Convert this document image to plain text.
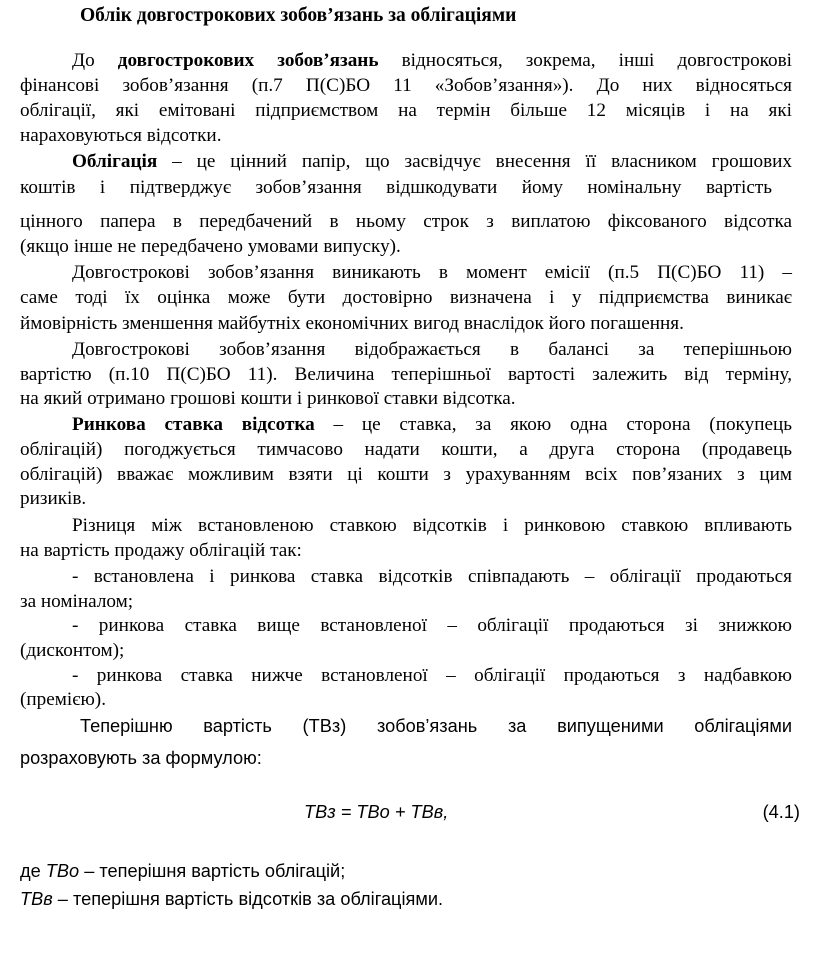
Облік довгострокових зобов’язань за облігаціями
До довгострокових зобов’язань відносяться, зокрема, інші довгострокові
фінансові зобов’язання (п.7 П(С)БО 11 «Зобов’язання»). До них відносяться
облігації, які емітовані підприємством на термін більше 12 місяців і на які
нараховуються відсотки.
Облігація – це цінний папір, що засвідчує внесення її власником грошових
коштів і підтверджує зобов’язання відшкодувати йому номінальну вартість
цінного папера в передбачений в ньому строк з виплатою фіксованого відсотка
(якщо інше не передбачено умовами випуску).
Довгострокові зобов’язання виникають в момент емісії (п.5 П(С)БО 11) –
саме тоді їх оцінка може бути достовірно визначена і у підприємства виникає
ймовірність зменшення майбутніх економічних вигод внаслідок його погашення.
Довгострокові зобов’язання відображається в балансі за теперішньою
вартістю (п.10 П(С)БО 11). Величина теперішньої вартості залежить від терміну,
на який отримано грошові кошти і ринкової ставки відсотка.
Ринкова ставка відсотка – це ставка, за якою одна сторона (покупець
облігацій) погоджується тимчасово надати кошти, а друга сторона (продавець
облігацій) вважає можливим взяти ці кошти з урахуванням всіх пов’язаних з цим
ризиків.
Різниця між встановленою ставкою відсотків і ринковою ставкою впливають
на вартість продажу облігацій так:
- встановлена і ринкова ставка відсотків співпадають – облігації продаються
за номіналом;
- ринкова ставка вище встановленої – облігації продаються зі знижкою
(дисконтом);
- ринкова ставка нижче встановленої – облігації продаються з надбавкою
(премією).
Теперішню вартість (ТВз) зобов’язань за випущеними облігаціями
розраховують за формулою:
ТВз = ТВо + ТВв,	(4.1)
де ТВо – теперішня вартість облігацій;
ТВв – теперішня вартість відсотків за облігаціями.
